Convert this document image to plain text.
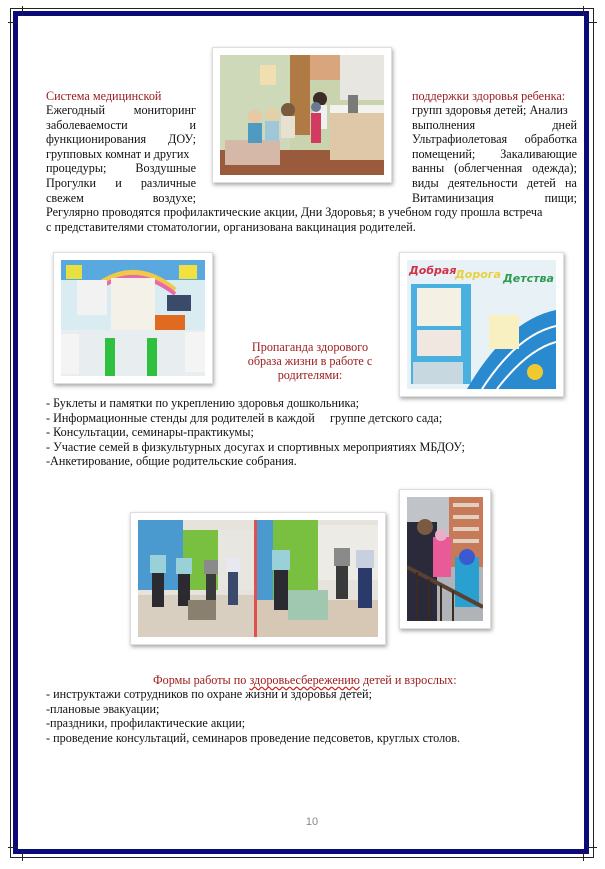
Система медицинской	поддержки здоровья ребенка:
Ежегодный мониторинг
заболеваемости	и
функционирования ДОУ;
групповых комнат и других
процедуры; Воздушные
Прогулки и различные
свежем	воздухе;
групп здоровья детей; Анализ
выполнения	дней
Ультрафиолетовая обработка
помещений; Закаливающие
ванны (облегченная одежда);
виды деятельности детей на
Витаминизация	пищи;
Регулярно проводятся профилактические акции, Дни Здоровья; в учебном году прошла встреча
с представителями стоматологии, организована вакцинация родителей.
Добрая
Дорога Детства
Пропаганда здорового
образа жизни в работе с
родителями:
- Буклеты и памятки по укреплению здоровья дошкольника;
- Информационные стенды для родителей в каждой     группе детского сада;
- Консультации, семинары-практикумы;
- Участие семей в физкультурных досугах и спортивных мероприятиях МБДОУ;
-Анкетирование, общие родительские собрания.
Формы работы по здоровьесбережению детей и взрослых:
- инструктажи сотрудников по охране жизни и здоровья детей;
-плановые эвакуации;
-праздники, профилактические акции;
- проведение консультаций, семинаров проведение педсоветов, круглых столов.
10
